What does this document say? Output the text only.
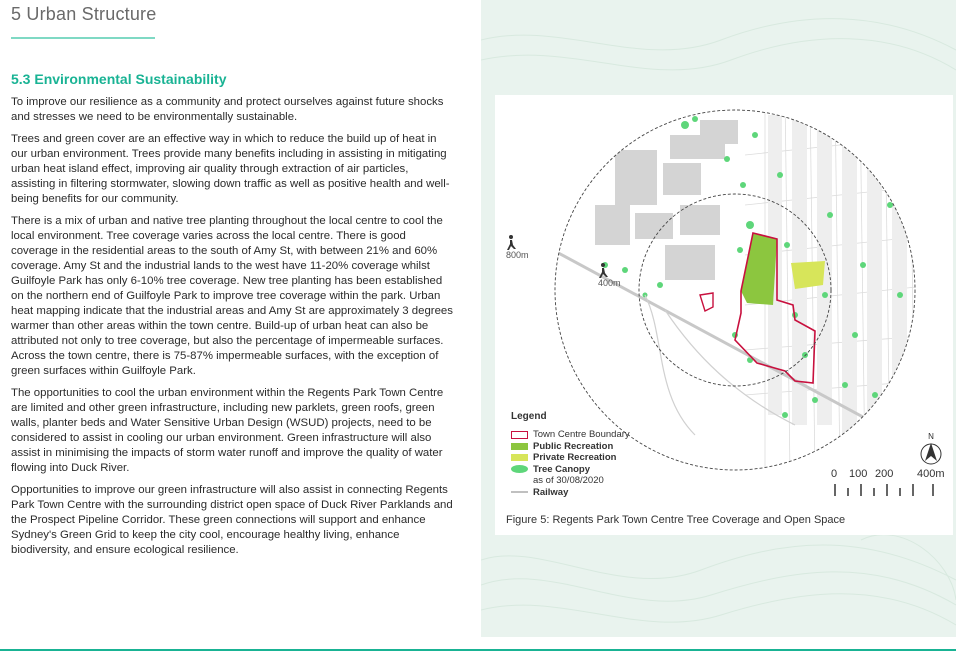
5 Urban Structure
5.3 Environmental Sustainability

To improve our resilience as a community and protect ourselves against future shocks and stresses we need to be environmentally sustainable.

Trees and green cover are an effective way in which to reduce the build up of heat in our urban environment. Trees provide many benefits including in assisting in mitigating urban heat island effect, improving air quality through extraction of air particles, assisting in filtering stormwater, slowing down traffic as well as positive health and well-being benefits for our community.

There is a mix of urban and native tree planting throughout the local centre to cool the local environment. Tree coverage varies across the local centre. There is good coverage in the residential areas to the south of Amy St, with between 21% and 60% coverage. Amy St and the industrial lands to the west have 11-20% coverage whilst Guilfoyle Park has only 6-10% tree coverage. New tree planting has been established on the northern end of Guilfoyle Park to improve tree coverage within the park. Urban heat mapping indicate that the industrial areas and Amy St are approximately 3 degrees warmer than other areas within the town centre. Build-up of urban heat can also be attributed not only to tree coverage, but also the percentage of impermeable surfaces. Across the town centre, there is 75-87% impermeable surfaces, with the exception of green surfaces within Guilfoyle Park.

The opportunities to cool the urban environment within the Regents Park Town Centre are limited and other green infrastructure, including new parklets, green roofs, green walls, planter beds and Water Sensitive Urban Design (WSUD) projects, need to be considered to assist in cooling our urban environment. Green infrastructure will also assist in minimising the impacts of storm water runoff and improve the quality of water flowing into Duck River.

Opportunities to improve our green infrastructure will also assist in connecting Regents Park Town Centre with the surrounding district open space of Duck River Parklands and the Prospect Pipeline Corridor. These green connections will support and enhance Sydney's Green Grid to keep the city cool, encourage healthy living, enhance biodiversity, and ensure ecological resilience.

800m
400m
Legend
Town Centre Boundary
Public Recreation
Private Recreation
Tree Canopy
as of 30/08/2020
Railway
N
0 100 200 400m
Figure 5: Regents Park Town Centre Tree Coverage and Open Space
